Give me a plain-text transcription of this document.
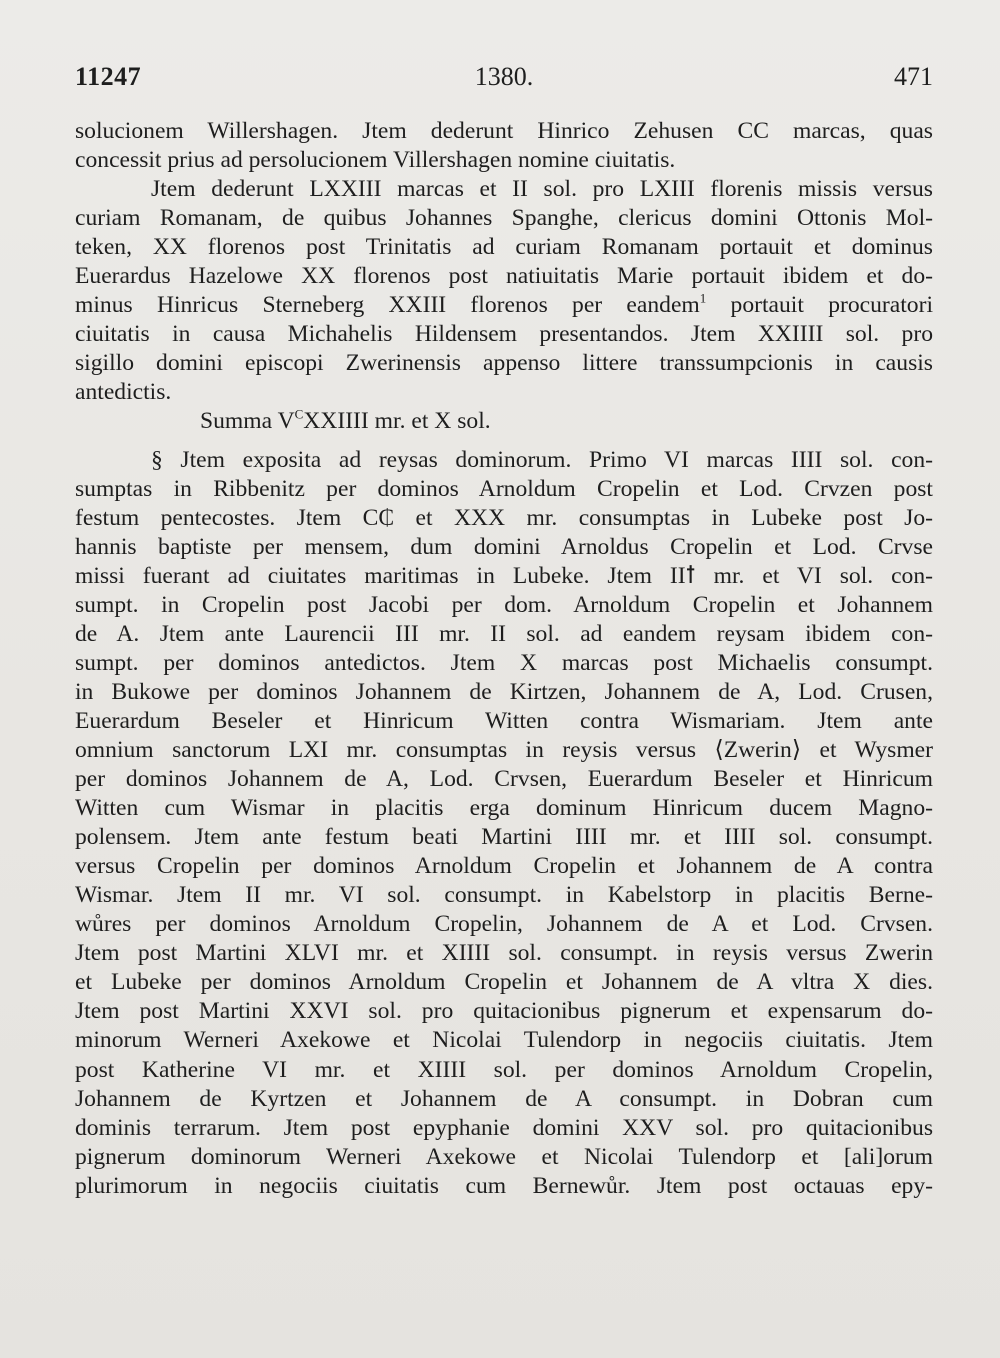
11247	1380.	471
solucionem Willershagen. Jtem dederunt Hinrico Zehusen CC marcas, quas
concessit prius ad persolucionem Villershagen nomine ciuitatis.
Jtem dederunt LXXIII marcas et II sol. pro LXIII florenis missis versus
curiam Romanam, de quibus Johannes Spanghe, clericus domini Ottonis Mol-
teken, XX florenos post Trinitatis ad curiam Romanam portauit et dominus
Euerardus Hazelowe XX florenos post natiuitatis Marie portauit ibidem et do-
minus Hinricus Sterneberg XXIII florenos per eandem$^1$ portauit procuratori
ciuitatis in causa Michahelis Hildensem presentandos. Jtem XXIIII sol. pro
sigillo domini episcopi Zwerinensis appenso littere transsumpcionis in causis
antedictis.
Summa $V^CXXIIII$ mr. et X sol.
§ Jtem exposita ad reysas dominorum. Primo VI marcas IIII sol. con-
sumptas in Ribbenitz per dominos Arnoldum Cropelin et Lod. Crvzen post
festum pentecostes. Jtem C₵ et XXX mr. consumptas in Lubeke post Jo-
hannis baptiste per mensem, dum domini Arnoldus Cropelin et Lod. Crvse
missi fuerant ad ciuitates maritimas in Lubeke. Jtem IIꝉ mr. et VI sol. con-
sumpt. in Cropelin post Jacobi per dom. Arnoldum Cropelin et Johannem
de A. Jtem ante Laurencii III mr. II sol. ad eandem reysam ibidem con-
sumpt. per dominos antedictos. Jtem X marcas post Michaelis consumpt.
in Bukowe per dominos Johannem de Kirtzen, Johannem de A, Lod. Crusen,
Euerardum Beseler et Hinricum Witten contra Wismariam. Jtem ante
omnium sanctorum LXI mr. consumptas in reysis versus ⟨Zwerin⟩ et Wysmer
per dominos Johannem de A, Lod. Crvsen, Euerardum Beseler et Hinricum
Witten cum Wismar in placitis erga dominum Hinricum ducem Magno-
polensem. Jtem ante festum beati Martini IIII mr. et IIII sol. consumpt.
versus Cropelin per dominos Arnoldum Cropelin et Johannem de A contra
Wismar. Jtem II mr. VI sol. consumpt. in Kabelstorp in placitis Berne-
wůres per dominos Arnoldum Cropelin, Johannem de A et Lod. Crvsen.
Jtem post Martini XLVI mr. et XIIII sol. consumpt. in reysis versus Zwerin
et Lubeke per dominos Arnoldum Cropelin et Johannem de A vltra X dies.
Jtem post Martini XXVI sol. pro quitacionibus pignerum et expensarum do-
minorum Werneri Axekowe et Nicolai Tulendorp in negociis ciuitatis. Jtem
post Katherine VI mr. et XIIII sol. per dominos Arnoldum Cropelin,
Johannem de Kyrtzen et Johannem de A consumpt. in Dobran cum
dominis terrarum. Jtem post epyphanie domini XXV sol. pro quitacionibus
pignerum dominorum Werneri Axekowe et Nicolai Tulendorp et [ali]orum
plurimorum in negociis ciuitatis cum Bernewůr. Jtem post octauas epy-
